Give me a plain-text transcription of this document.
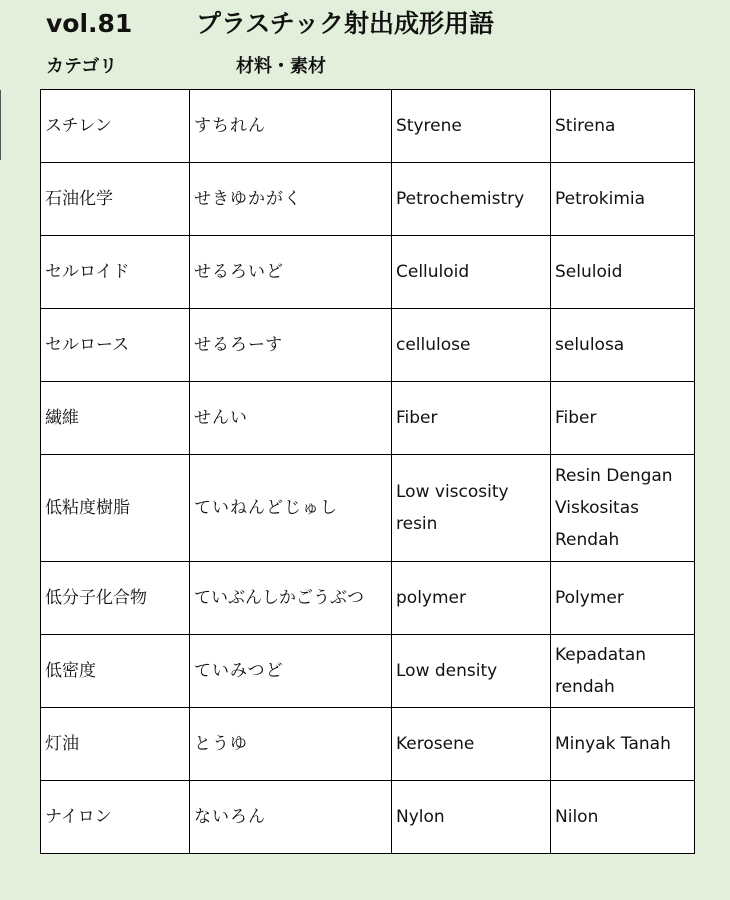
vol.81	プラスチック射出成形用語
カテゴリ	材料・素材
スチレン	すちれん	Styrene	Stirena
石油化学	せきゆかがく	Petrochemistry	Petrokimia
セルロイド	せるろいど	Celluloid	Seluloid
セルロース	せるろーす	cellulose	selulosa
繊維	せんい	Fiber	Fiber
低粘度樹脂	ていねんどじゅし	Low viscosity resin	Resin Dengan Viskositas Rendah
低分子化合物	ていぶんしかごうぶつ	polymer	Polymer
低密度	ていみつど	Low density	Kepadatan rendah
灯油	とうゆ	Kerosene	Minyak Tanah
ナイロン	ないろん	Nylon	Nilon
